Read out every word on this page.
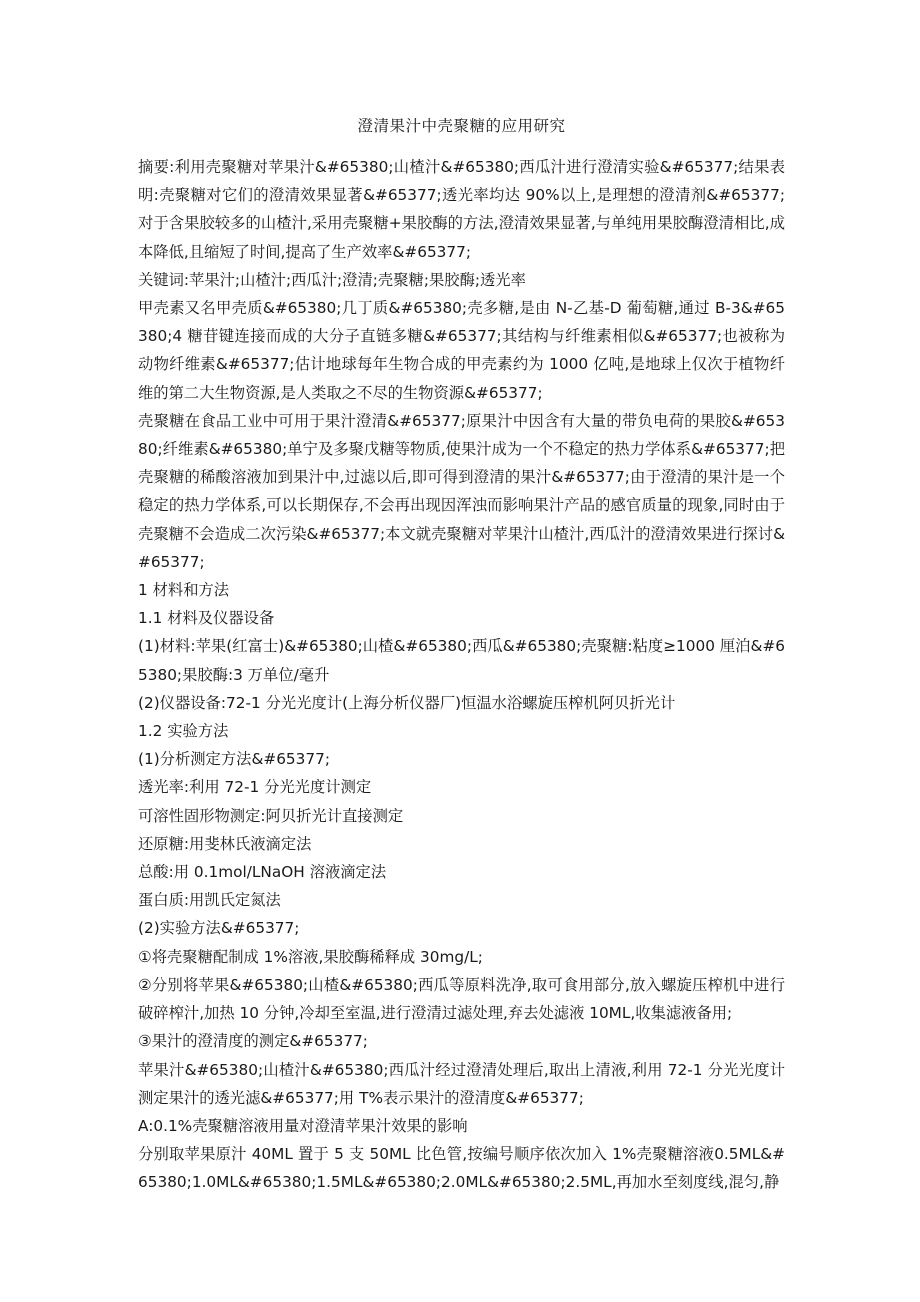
澄清果汁中壳聚糖的应用研究

摘要:利用壳聚糖对苹果汁&#65380;山楂汁&#65380;西瓜汁进行澄清实验&#65377;结果表明:壳聚糖对它们的澄清效果显著&#65377;透光率均达 90%以上,是理想的澄清剂&#65377;对于含果胶较多的山楂汁,采用壳聚糖+果胶酶的方法,澄清效果显著,与单纯用果胶酶澄清相比,成本降低,且缩短了时间,提高了生产效率&#65377;

关键词:苹果汁;山楂汁;西瓜汁;澄清;壳聚糖;果胶酶;透光率

甲壳素又名甲壳质&#65380;几丁质&#65380;壳多糖,是由 N-乙基-D 葡萄糖,通过 B-3&#65380;4 糖苷键连接而成的大分子直链多糖&#65377;其结构与纤维素相似&#65377;也被称为动物纤维素&#65377;估计地球每年生物合成的甲壳素约为 1000 亿吨,是地球上仅次于植物纤维的第二大生物资源,是人类取之不尽的生物资源&#65377;

壳聚糖在食品工业中可用于果汁澄清&#65377;原果汁中因含有大量的带负电荷的果胶&#65380;纤维素&#65380;单宁及多聚戊糖等物质,使果汁成为一个不稳定的热力学体系&#65377;把壳聚糖的稀酸溶液加到果汁中,过滤以后,即可得到澄清的果汁&#65377;由于澄清的果汁是一个稳定的热力学体系,可以长期保存,不会再出现因浑浊而影响果汁产品的感官质量的现象,同时由于壳聚糖不会造成二次污染&#65377;本文就壳聚糖对苹果汁山楂汁,西瓜汁的澄清效果进行探讨&#65377;

1 材料和方法

1.1 材料及仪器设备

(1)材料:苹果(红富士)&#65380;山楂&#65380;西瓜&#65380;壳聚糖:粘度≥1000 厘泊&#65380;果胶酶:3 万单位/毫升

(2)仪器设备:72-1 分光光度计(上海分析仪器厂)恒温水浴螺旋压榨机阿贝折光计

1.2 实验方法

(1)分析测定方法&#65377;

透光率:利用 72-1 分光光度计测定

可溶性固形物测定:阿贝折光计直接测定

还原糖:用斐林氏液滴定法

总酸:用 0.1mol/LNaOH 溶液滴定法

蛋白质:用凯氏定氮法

(2)实验方法&#65377;

①将壳聚糖配制成 1%溶液,果胶酶稀释成 30mg/L;

②分别将苹果&#65380;山楂&#65380;西瓜等原料洗净,取可食用部分,放入螺旋压榨机中进行破碎榨汁,加热 10 分钟,冷却至室温,进行澄清过滤处理,弃去处滤液 10ML,收集滤液备用;

③果汁的澄清度的测定&#65377;

苹果汁&#65380;山楂汁&#65380;西瓜汁经过澄清处理后,取出上清液,利用 72-1 分光光度计测定果汁的透光滤&#65377;用 T%表示果汁的澄清度&#65377;

A:0.1%壳聚糖溶液用量对澄清苹果汁效果的影响

分别取苹果原汁 40ML 置于 5 支 50ML 比色管,按编号顺序依次加入 1%壳聚糖溶液0.5ML&#65380;1.0ML&#65380;1.5ML&#65380;2.0ML&#65380;2.5ML,再加水至刻度线,混匀,静
